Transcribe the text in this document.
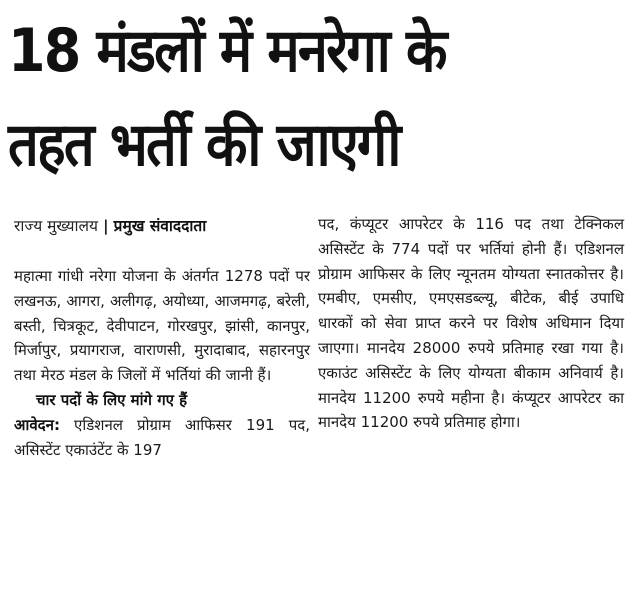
18 मंडलों में मनरेगा के
तहत भर्ती की जाएगी
राज्य मुख्यालय | प्रमुख संवाददाता

महात्मा गांधी नरेगा योजना के अंतर्गत 1278 पदों पर लखनऊ, आगरा, अलीगढ़, अयोध्या, आजमगढ़, बरेली, बस्ती, चित्रकूट, देवीपाटन, गोरखपुर, झांसी, कानपुर, मिर्जापुर, प्रयागराज, वाराणसी, मुरादाबाद, सहारनपुर तथा मेरठ मंडल के जिलों में भर्तियां की जानी हैं।

चार पदों के लिए मांगे गए हैं

आवेदन: एडिशनल प्रोग्राम आफिसर 191 पद, असिस्टेंट एकाउंटेंट के 197

पद, कंप्यूटर आपरेटर के 116 पद तथा टेक्निकल असिस्टेंट के 774 पदों पर भर्तियां होनी हैं। एडिशनल प्रोग्राम आफिसर के लिए न्यूनतम योग्यता स्नातकोत्तर है। एमबीए, एमसीए, एमएसडब्ल्यू, बीटेक, बीई उपाधि धारकों को सेवा प्राप्त करने पर विशेष अधिमान दिया जाएगा। मानदेय 28000 रुपये प्रतिमाह रखा गया है। एकाउंट असिस्टेंट के लिए योग्यता बीकाम अनिवार्य है। मानदेय 11200 रुपये महीना है। कंप्यूटर आपरेटर का मानदेय 11200 रुपये प्रतिमाह होगा।
